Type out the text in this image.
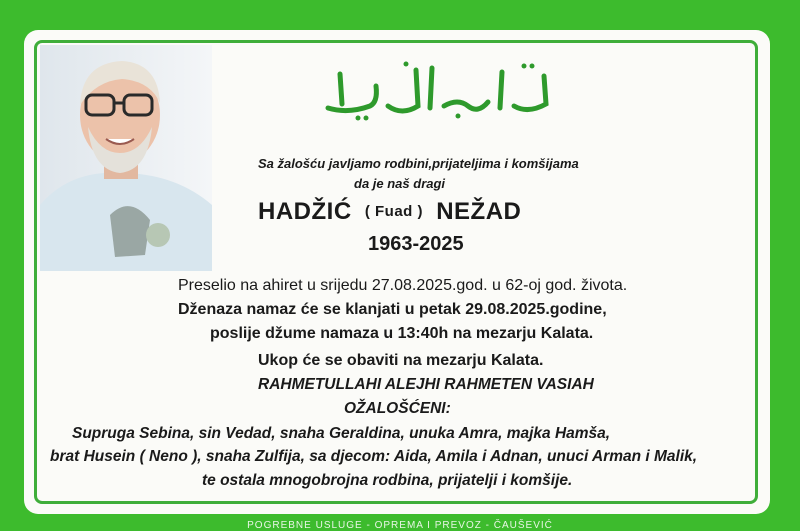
Sa žalošću javljamo rodbini,prijateljima i komšijama
da je naš dragi
HADŽIĆ ( Fuad ) NEŽAD
1963-2025
Preselio na ahiret u srijedu 27.08.2025.god. u 62-oj god. života.
Dženaza namaz će se klanjati u petak 29.08.2025.godine,
poslije džume namaza u 13:40h na mezarju Kalata.
Ukop će se obaviti na mezarju Kalata.
RAHMETULLAHI ALEJHI RAHMETEN VASIAH
OŽALOŠĆENI:
Supruga Sebina, sin Vedad, snaha Geraldina, unuka Amra, majka Hamša,
brat Husein ( Neno ), snaha Zulfija, sa djecom: Aida, Amila i Adnan, unuci Arman i Malik,
te ostala mnogobrojna rodbina, prijatelji i komšije.
POGREBNE USLUGE - OPREMA I PREVOZ - ČAUŠEVIĆ
